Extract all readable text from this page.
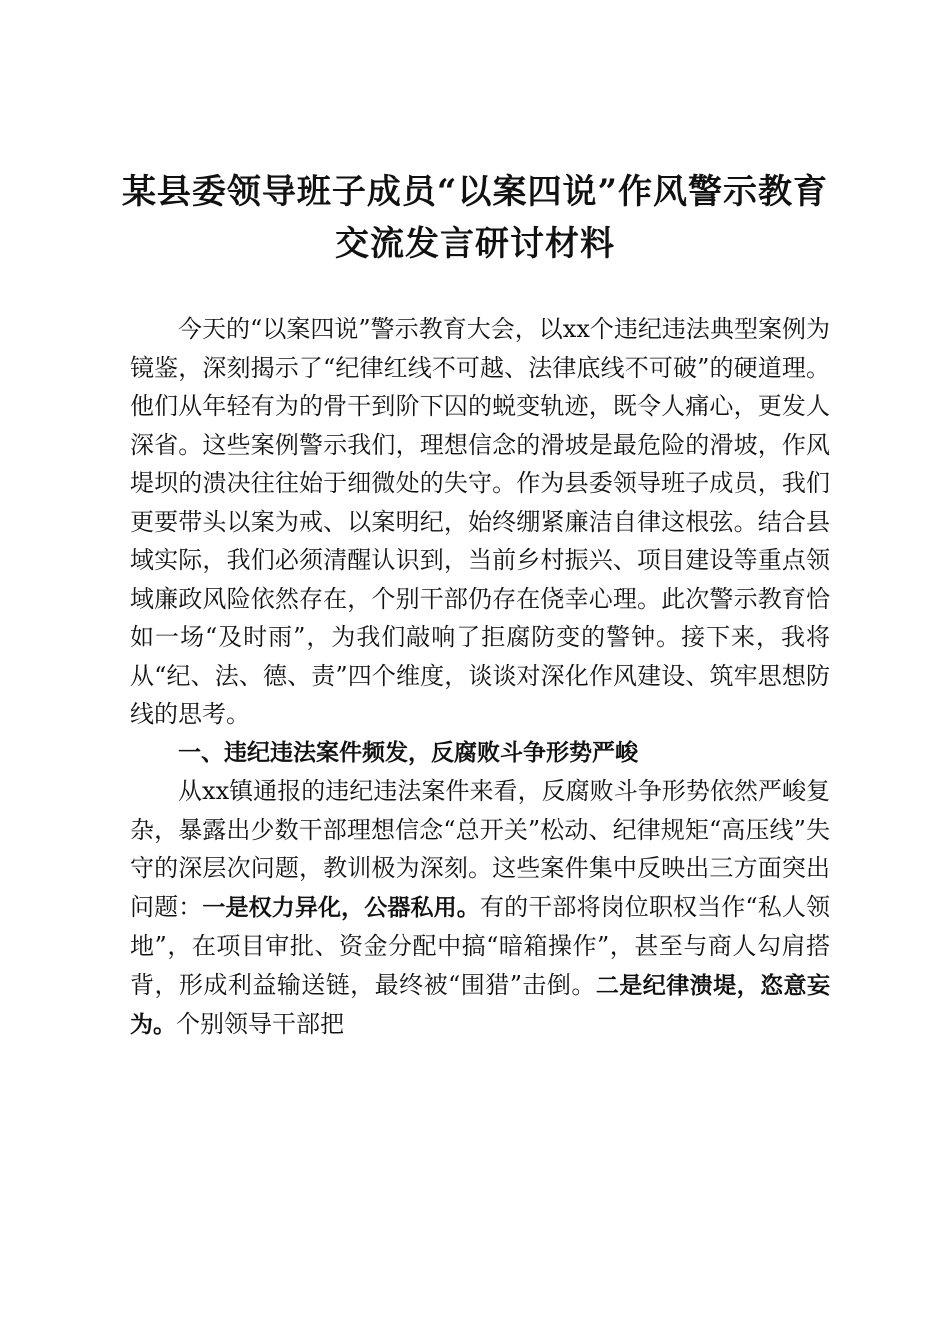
某县委领导班子成员“以案四说”作风警示教育交流发言研讨材料

今天的“以案四说”警示教育大会，以xx个违纪违法典型案例为镜鉴，深刻揭示了“纪律红线不可越、法律底线不可破”的硬道理。他们从年轻有为的骨干到阶下囚的蜕变轨迹，既令人痛心，更发人深省。这些案例警示我们，理想信念的滑坡是最危险的滑坡，作风堤坝的溃决往往始于细微处的失守。作为县委领导班子成员，我们更要带头以案为戒、以案明纪，始终绷紧廉洁自律这根弦。结合县域实际，我们必须清醒认识到，当前乡村振兴、项目建设等重点领域廉政风险依然存在，个别干部仍存在侥幸心理。此次警示教育恰如一场“及时雨”，为我们敲响了拒腐防变的警钟。接下来，我将从“纪、法、德、责”四个维度，谈谈对深化作风建设、筑牢思想防线的思考。

一、违纪违法案件频发，反腐败斗争形势严峻

从xx镇通报的违纪违法案件来看，反腐败斗争形势依然严峻复杂，暴露出少数干部理想信念“总开关”松动、纪律规矩“高压线”失守的深层次问题，教训极为深刻。这些案件集中反映出三方面突出问题：一是权力异化，公器私用。有的干部将岗位职权当作“私人领地”，在项目审批、资金分配中搞“暗箱操作”，甚至与商人勾肩搭背，形成利益输送链，最终被“围猎”击倒。二是纪律溃堤，恣意妄为。个别领导干部把
